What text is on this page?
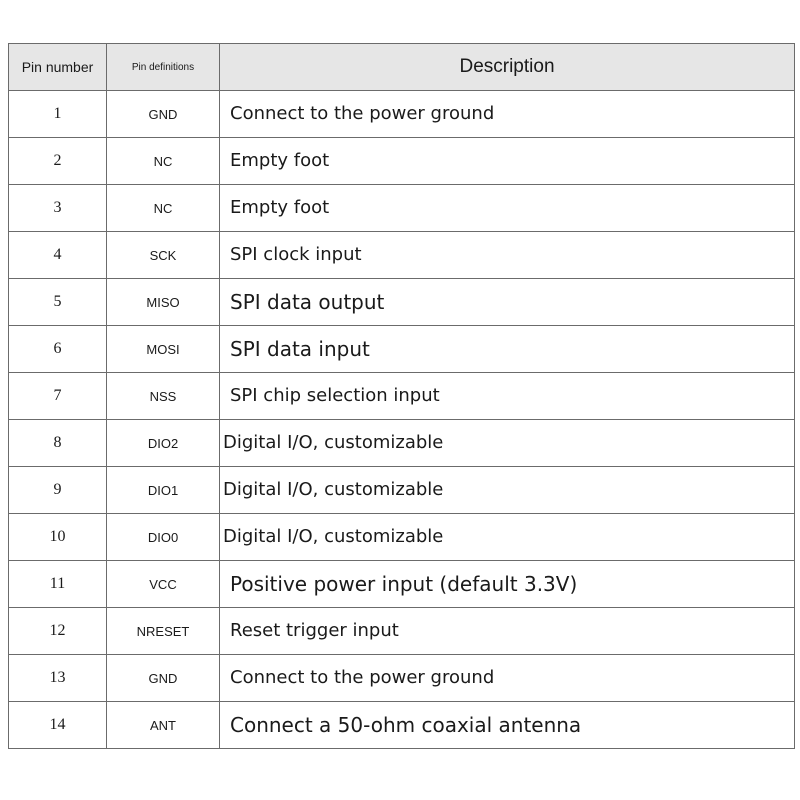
Pin number	Pin definitions	Description
1	GND	Connect to the power ground
2	NC	Empty foot
3	NC	Empty foot
4	SCK	SPI clock input
5	MISO	SPI data output
6	MOSI	SPI data input
7	NSS	SPI chip selection input
8	DIO2	Digital I/O, customizable
9	DIO1	Digital I/O, customizable
10	DIO0	Digital I/O, customizable
11	VCC	Positive power input (default 3.3V)
12	NRESET	Reset trigger input
13	GND	Connect to the power ground
14	ANT	Connect a 50-ohm coaxial antenna
